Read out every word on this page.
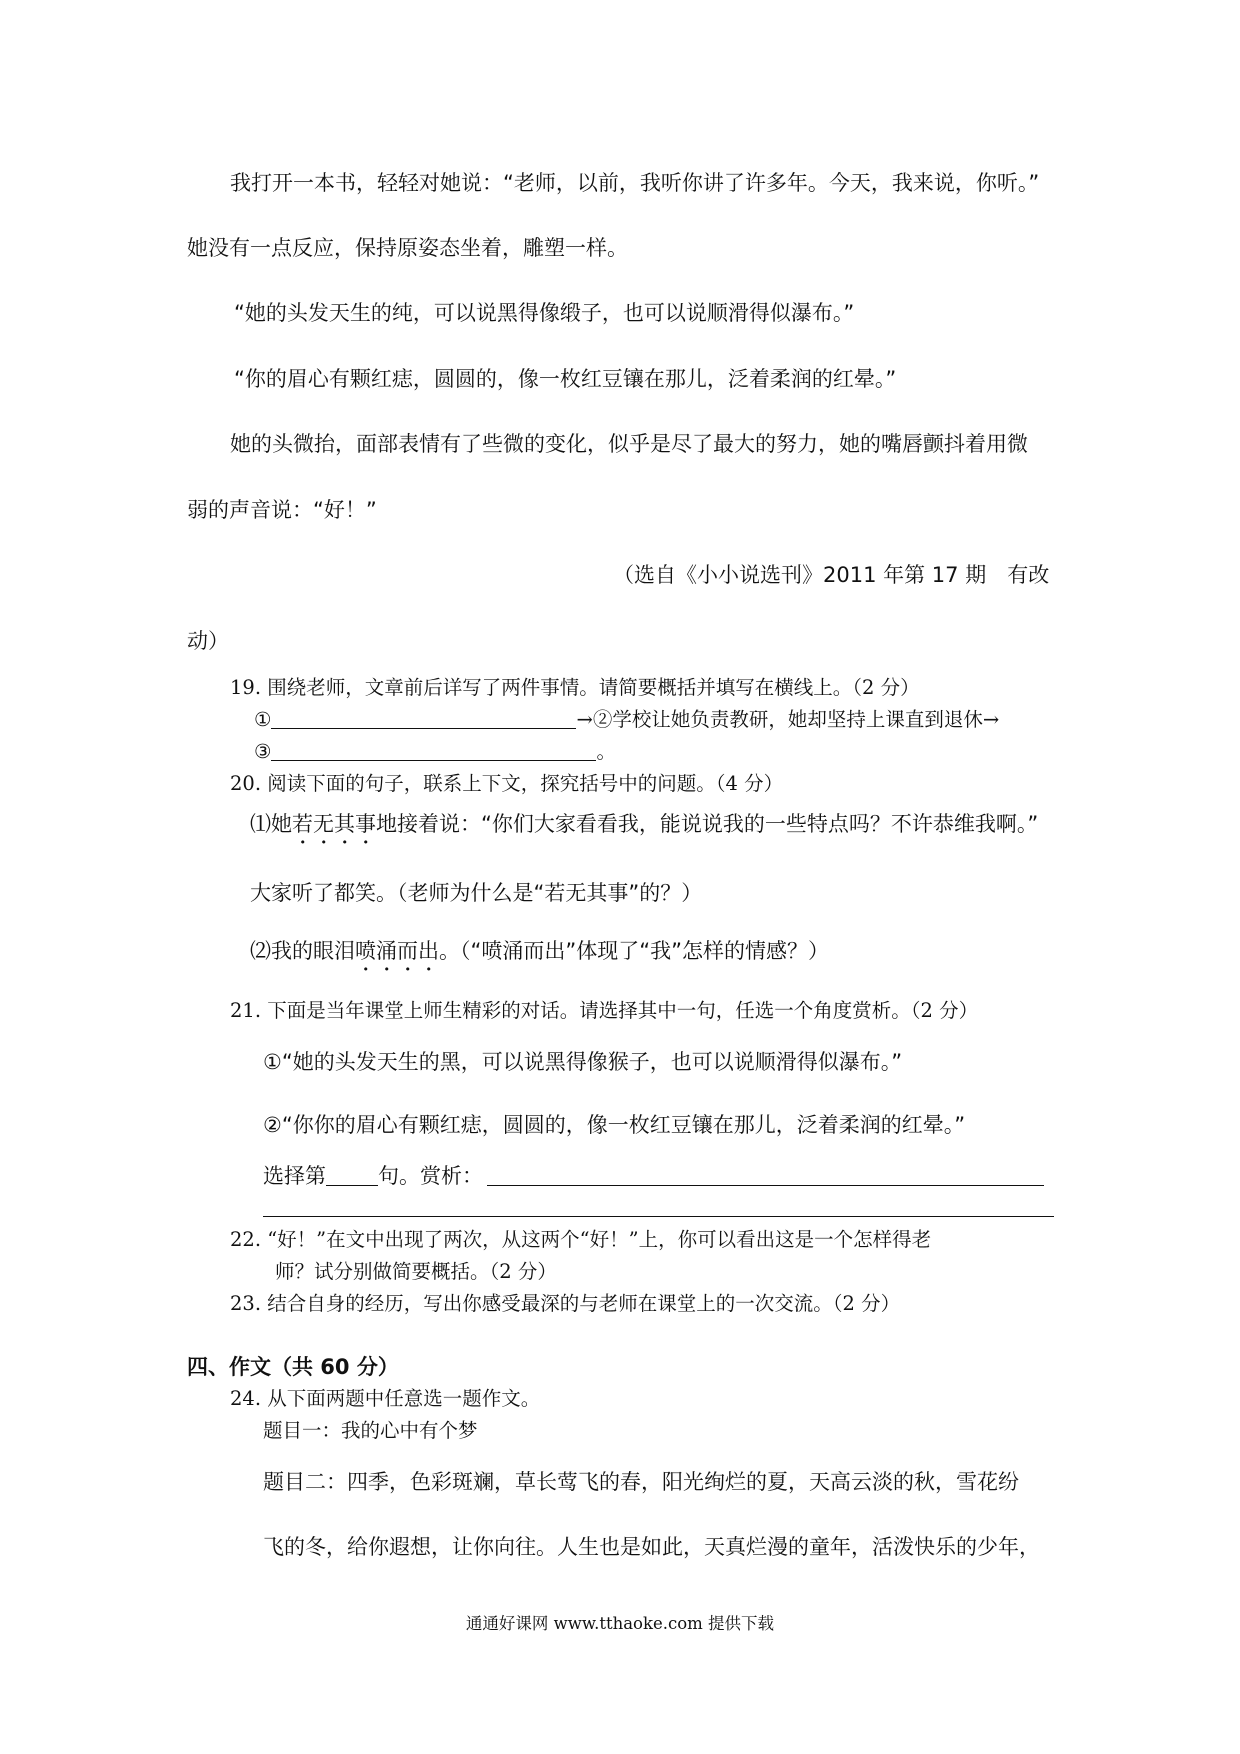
我打开一本书，轻轻对她说：“老师，以前，我听你讲了许多年。今天，我来说，你听。”
她没有一点反应，保持原姿态坐着，雕塑一样。
“她的头发天生的纯，可以说黑得像缎子，也可以说顺滑得似瀑布。”
“你的眉心有颗红痣，圆圆的，像一枚红豆镶在那儿，泛着柔润的红晕。”
她的头微抬，面部表情有了些微的变化，似乎是尽了最大的努力，她的嘴唇颤抖着用微
弱的声音说：“好！”
（选自《小小说选刊》2011 年第 17 期　有改
动）
19. 围绕老师，文章前后详写了两件事情。请简要概括并填写在横线上。（2 分）
①	→②学校让她负责教研，她却坚持上课直到退休→
③	。
20. 阅读下面的句子，联系上下文，探究括号中的问题。（4 分）
⑴她若无其事地接着说：“你们大家看看我，能说说我的一些特点吗？不许恭维我啊。”
大家听了都笑。（老师为什么是“若无其事”的？）
⑵我的眼泪喷涌而出。（“喷涌而出”体现了“我”怎样的情感？）
21. 下面是当年课堂上师生精彩的对话。请选择其中一句，任选一个角度赏析。（2 分）
①“她的头发天生的黑，可以说黑得像猴子，也可以说顺滑得似瀑布。”
②“你你的眉心有颗红痣，圆圆的，像一枚红豆镶在那儿，泛着柔润的红晕。”
选择第 句。赏析：
22. “好！”在文中出现了两次，从这两个“好！”上，你可以看出这是一个怎样得老
师？试分别做简要概括。（2 分）
23. 结合自身的经历，写出你感受最深的与老师在课堂上的一次交流。（2 分）
四、作文（共 60 分）
24. 从下面两题中任意选一题作文。
题目一：我的心中有个梦
题目二：四季，色彩斑斓，草长莺飞的春，阳光绚烂的夏，天高云淡的秋，雪花纷
飞的冬，给你遐想，让你向往。人生也是如此，天真烂漫的童年，活泼快乐的少年，
通通好课网 www.tthaoke.com 提供下载
